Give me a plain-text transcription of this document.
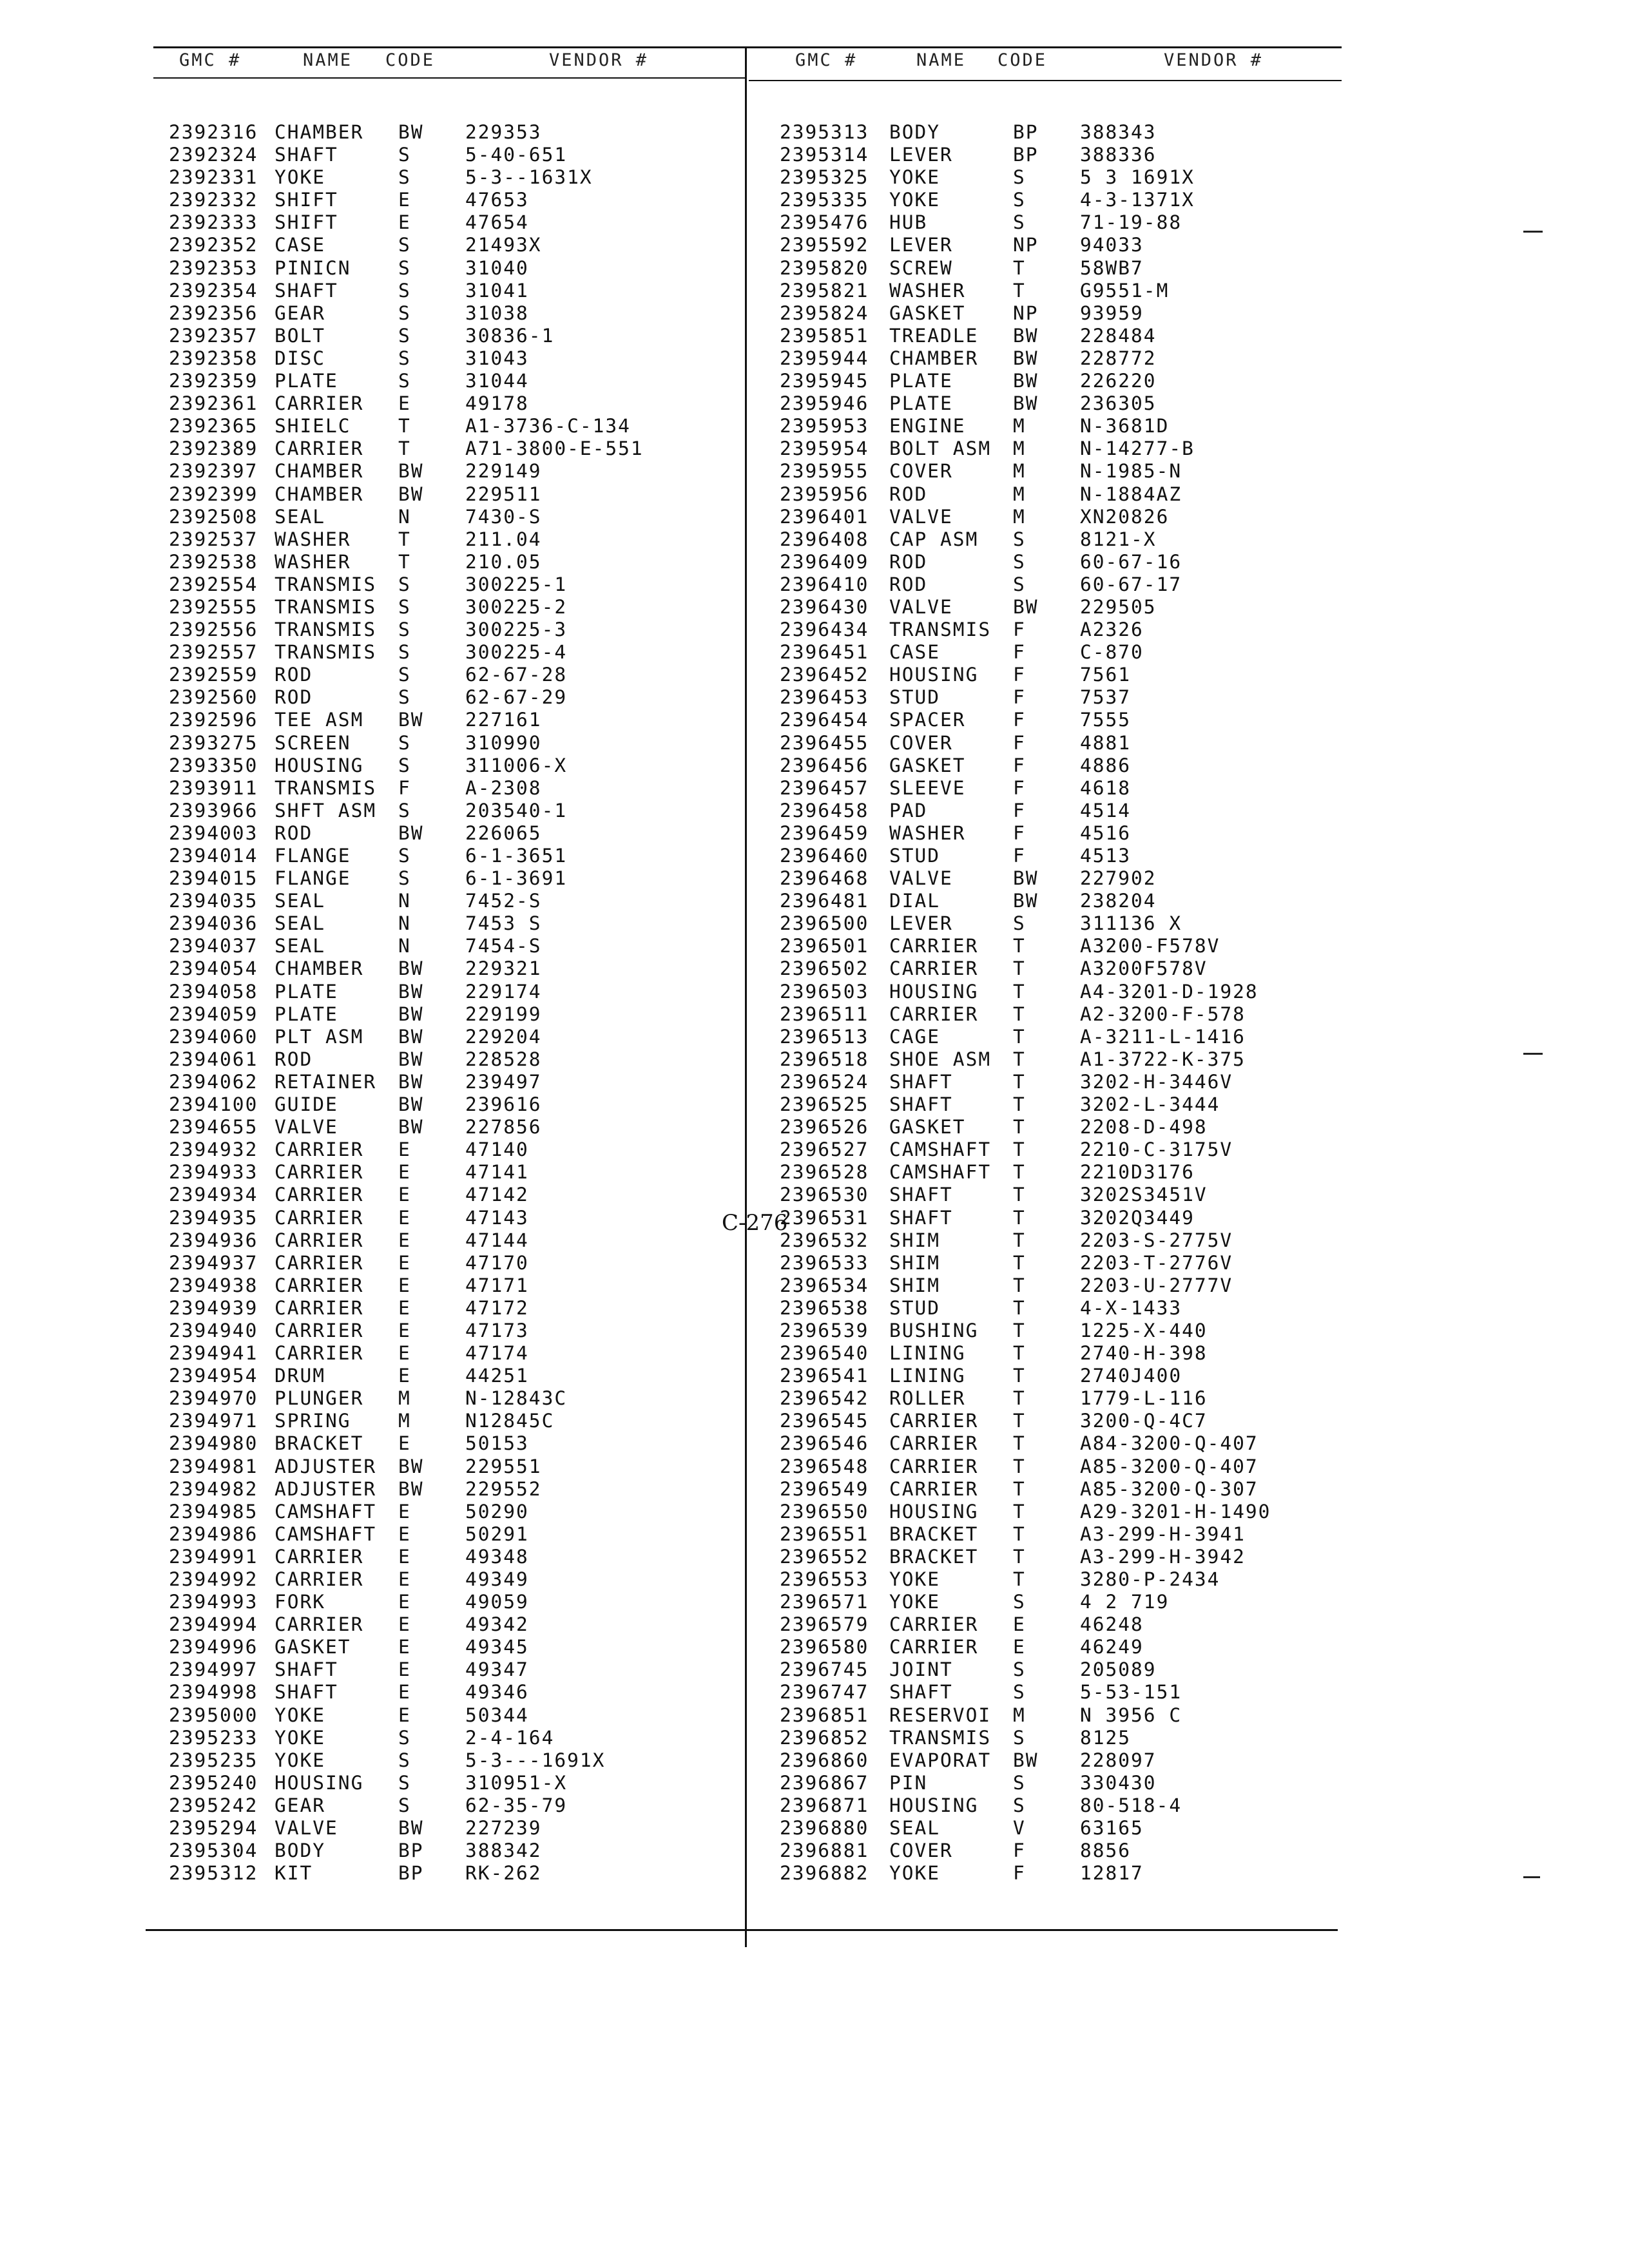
GMC #	NAME CODE	VENDOR #	GMC #	NAME CODE	VENDOR #
2392316 CHAMBER BW 229353
2392324 SHAFT	S	5-40-651
2392331 YOKE	S	5-3--1631X
2392332 SHIFT	E	47653
2392333 SHIFT	E	47654
2392352 CASE	S	21493X
2392353 PINICN S	31040
2392354 SHAFT	S	31041
2392356 GEAR	S	31038
2392357 BOLT	S	30836-1
2392358 DISC	S	31043
2392359 PLATE	S	31044
2392361 CARRIER E	49178
2392365 SHIELC T	A1-3736-C-134
2392389 CARRIER T	A71-3800-E-551
2392397 CHAMBER BW 229149
2392399 CHAMBER BW 229511
2392508 SEAL	N	7430-S
2392537 WASHER T	211.04
2392538 WASHER T	210.05
2392554 TRANSMIS S	300225-1
2392555 TRANSMIS S	300225-2
2392556 TRANSMIS S	300225-3
2392557 TRANSMIS S	300225-4
2392559 ROD	S	62-67-28
2392560 ROD	S	62-67-29
2392596 TEE ASM BW 227161
2393275 SCREEN S	310990
2393350 HOUSING S	311006-X
2393911 TRANSMIS F	A-2308
2393966 SHFT ASM S	203540-1
2394003 ROD	BW 226065
2394014 FLANGE S	6-1-3651
2394015 FLANGE S	6-1-3691
2394035 SEAL	N	7452-S
2394036 SEAL	N	7453 S
2394037 SEAL	N	7454-S
2394054 CHAMBER BW 229321
2394058 PLATE	BW 229174
2394059 PLATE	BW 229199
2394060 PLT ASM BW 229204
2394061 ROD	BW 228528
2394062 RETAINER BW 239497
2394100 GUIDE	BW 239616
2394655 VALVE	BW 227856
2394932 CARRIER E	47140
2394933 CARRIER E	47141
2394934 CARRIER E	47142
2394935 CARRIER E	47143
2394936 CARRIER E	47144
2394937 CARRIER E	47170
2394938 CARRIER E	47171
2394939 CARRIER E	47172
2394940 CARRIER E	47173
2394941 CARRIER E	47174
2394954 DRUM	E	44251
2394970 PLUNGER M	N-12843C
2394971 SPRING M	N12845C
2394980 BRACKET E	50153
2394981 ADJUSTER BW 229551
2394982 ADJUSTER BW 229552
2394985 CAMSHAFT E	50290
2394986 CAMSHAFT E	50291
2394991 CARRIER E	49348
2394992 CARRIER E	49349
2394993 FORK	E	49059
2394994 CARRIER E	49342
2394996 GASKET E	49345
2394997 SHAFT	E	49347
2394998 SHAFT	E	49346
2395000 YOKE	E	50344
2395233 YOKE	S	2-4-164
2395235 YOKE	S	5-3---1691X
2395240 HOUSING S	310951-X
2395242 GEAR	S	62-35-79
2395294 VALVE	BW 227239
2395304 BODY	BP 388342
2395312 KIT	BP RK-262
2395313 BODY	BP 388343
2395314 LEVER	BP 388336
2395325 YOKE	S	5 3 1691X
2395335 YOKE	S	4-3-1371X
2395476 HUB	S	71-19-88
2395592 LEVER	NP 94033
2395820 SCREW	T	58WB7
2395821 WASHER T	G9551-M
2395824 GASKET NP 93959
2395851 TREADLE BW 228484
2395944 CHAMBER BW 228772
2395945 PLATE	BW 226220
2395946 PLATE	BW 236305
2395953 ENGINE M	N-3681D
2395954 BOLT ASM M	N-14277-B
2395955 COVER	M	N-1985-N
2395956 ROD	M	N-1884AZ
2396401 VALVE	M	XN20826
2396408 CAP ASM S	8121-X
2396409 ROD	S	60-67-16
2396410 ROD	S	60-67-17
2396430 VALVE	BW 229505
2396434 TRANSMIS F	A2326
2396451 CASE	F	C-870
2396452 HOUSING F	7561
2396453 STUD	F	7537
2396454 SPACER F	7555
2396455 COVER	F	4881
2396456 GASKET F	4886
2396457 SLEEVE F	4618
2396458 PAD	F	4514
2396459 WASHER F	4516
2396460 STUD	F	4513
2396468 VALVE	BW 227902
2396481 DIAL	BW 238204
2396500 LEVER	S	311136 X
2396501 CARRIER T	A3200-F578V
2396502 CARRIER T	A3200F578V
2396503 HOUSING T	A4-3201-D-1928
2396511 CARRIER T	A2-3200-F-578
2396513 CAGE	T	A-3211-L-1416
2396518 SHOE ASM T	A1-3722-K-375
2396524 SHAFT	T	3202-H-3446V
2396525 SHAFT	T	3202-L-3444
2396526 GASKET T	2208-D-498
2396527 CAMSHAFT T	2210-C-3175V
2396528 CAMSHAFT T	2210D3176
2396530 SHAFT	T	3202S3451V
2396531 SHAFT	T	3202Q3449
2396532 SHIM	T	2203-S-2775V
2396533 SHIM	T	2203-T-2776V
2396534 SHIM	T	2203-U-2777V
2396538 STUD	T	4-X-1433
2396539 BUSHING T	1225-X-440
2396540 LINING T	2740-H-398
2396541 LINING T	2740J400
2396542 ROLLER T	1779-L-116
2396545 CARRIER T	3200-Q-4C7
2396546 CARRIER T	A84-3200-Q-407
2396548 CARRIER T	A85-3200-Q-407
2396549 CARRIER T	A85-3200-Q-307
2396550 HOUSING T	A29-3201-H-1490
2396551 BRACKET T	A3-299-H-3941
2396552 BRACKET T	A3-299-H-3942
2396553 YOKE	T	3280-P-2434
2396571 YOKE	S	4 2 719
2396579 CARRIER E	46248
2396580 CARRIER E	46249
2396745 JOINT	S	205089
2396747 SHAFT	S	5-53-151
2396851 RESERVOI M	N 3956 C
2396852 TRANSMIS S	8125
2396860 EVAPORAT BW 228097
2396867 PIN	S	330430
2396871 HOUSING S	80-518-4
2396880 SEAL	V	63165
2396881 COVER	F	8856
2396882 YOKE	F	12817
C-276
